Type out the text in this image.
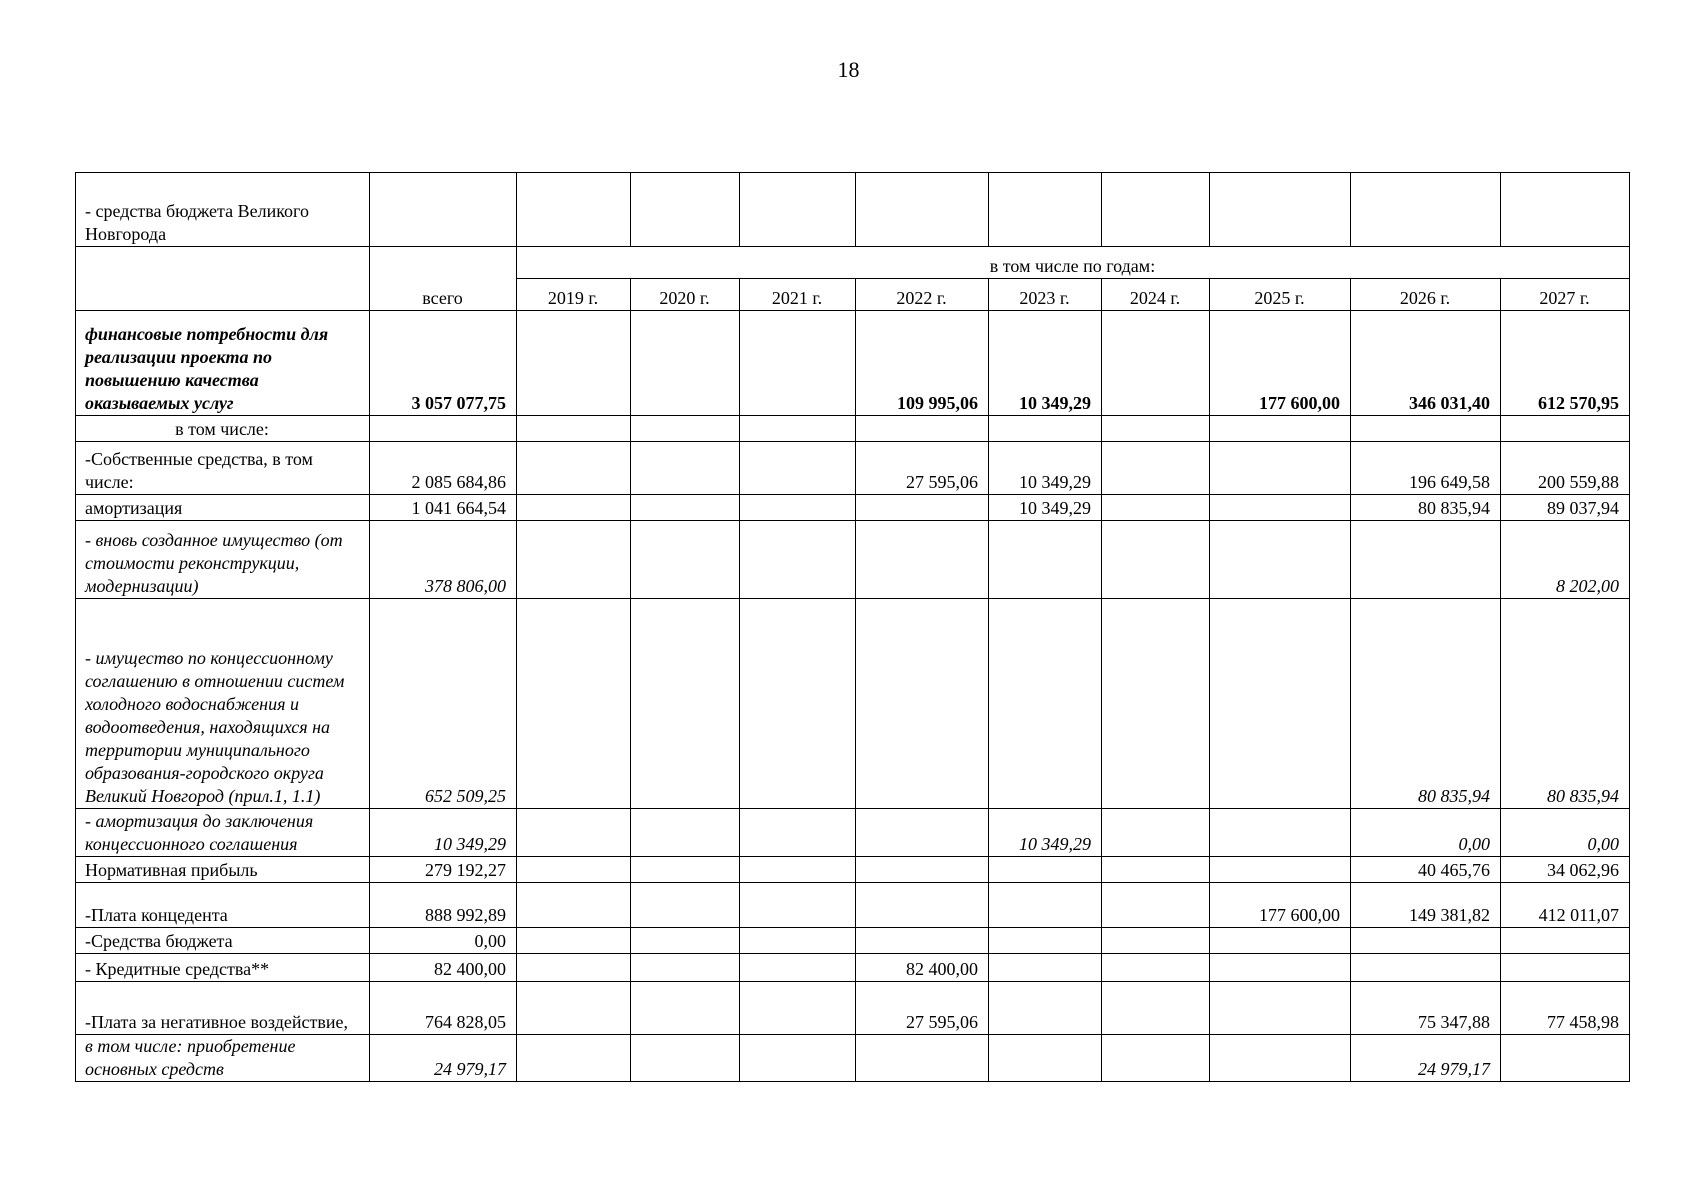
18
- средства бюджета Великого Новгорода										
	всего	в том числе по годам:								
		2019 г.	2020 г.	2021 г.	2022 г.	2023 г.	2024 г.	2025 г.	2026 г.	2027 г.
финансовые потребности для реализации проекта по повышению качества оказываемых услуг	3 057 077,75				109 995,06	10 349,29		177 600,00	346 031,40	612 570,95
в том числе:										
-Собственные средства, в том числе:	2 085 684,86				27 595,06	10 349,29			196 649,58	200 559,88
амортизация	1 041 664,54					10 349,29			80 835,94	89 037,94
- вновь созданное имущество (от стоимости реконструкции, модернизации)	378 806,00									8 202,00
- имущество по концессионному соглашению в отношении систем холодного водоснабжения и водоотведения, находящихся на территории муниципального образования-городского округа Великий Новгород (прил.1, 1.1)	652 509,25								80 835,94	80 835,94
- амортизация до заключения концессионного соглашения	10 349,29					10 349,29			0,00	0,00
Нормативная прибыль	279 192,27								40 465,76	34 062,96
-Плата концедента	888 992,89							177 600,00	149 381,82	412 011,07
-Средства бюджета	0,00									
- Кредитные средства**	82 400,00				82 400,00					
-Плата за негативное воздействие,	764 828,05				27 595,06				75 347,88	77 458,98
в том числе: приобретение основных средств	24 979,17								24 979,17	
